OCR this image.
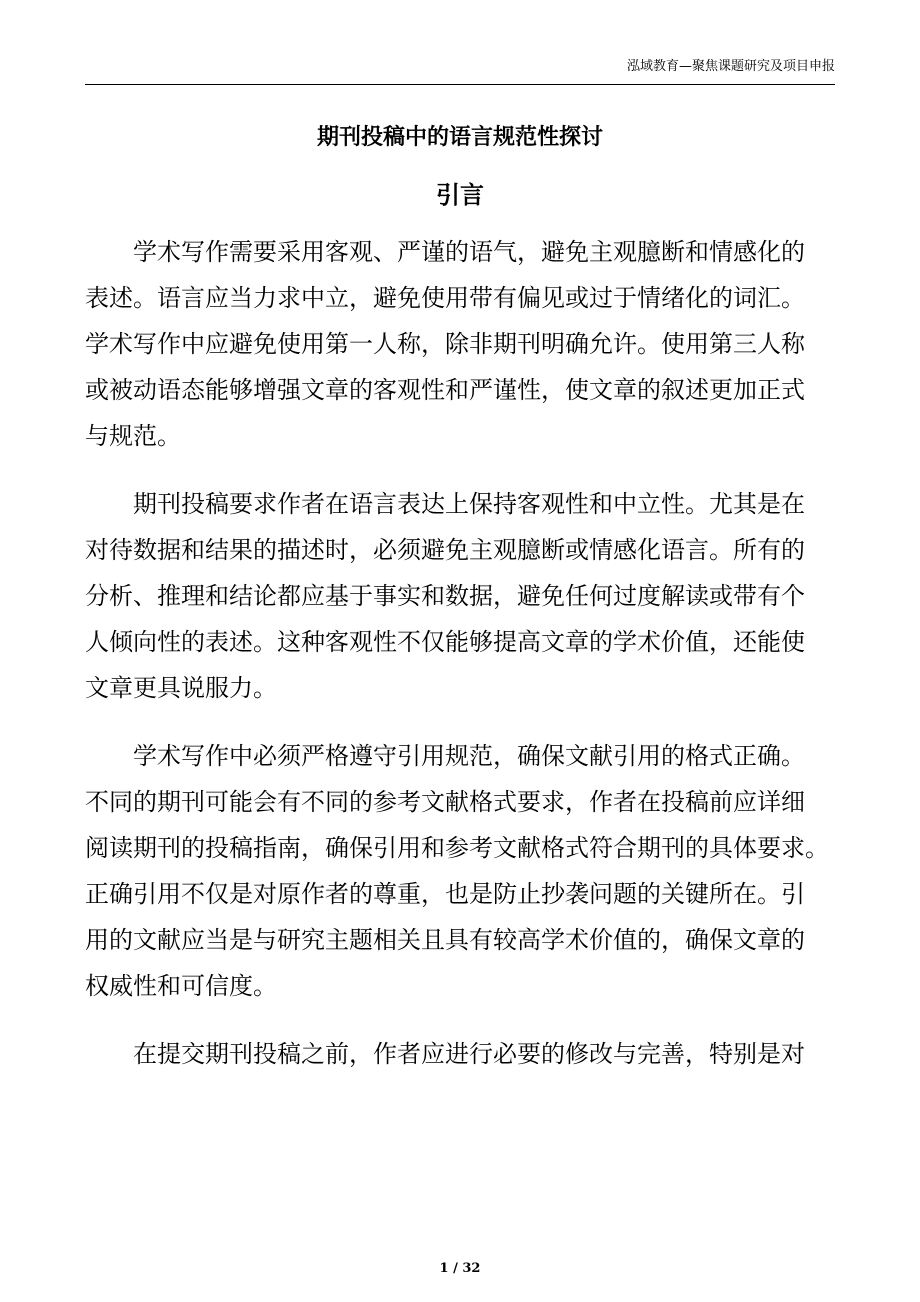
泓域教育—聚焦课题研究及项目申报
期刊投稿中的语言规范性探讨
引言
学术写作需要采用客观、严谨的语气，避免主观臆断和情感化的
表述。语言应当力求中立，避免使用带有偏见或过于情绪化的词汇。
学术写作中应避免使用第一人称，除非期刊明确允许。使用第三人称
或被动语态能够增强文章的客观性和严谨性，使文章的叙述更加正式
与规范。
期刊投稿要求作者在语言表达上保持客观性和中立性。尤其是在
对待数据和结果的描述时，必须避免主观臆断或情感化语言。所有的
分析、推理和结论都应基于事实和数据，避免任何过度解读或带有个
人倾向性的表述。这种客观性不仅能够提高文章的学术价值，还能使
文章更具说服力。
学术写作中必须严格遵守引用规范，确保文献引用的格式正确。
不同的期刊可能会有不同的参考文献格式要求，作者在投稿前应详细
阅读期刊的投稿指南，确保引用和参考文献格式符合期刊的具体要求。
正确引用不仅是对原作者的尊重，也是防止抄袭问题的关键所在。引
用的文献应当是与研究主题相关且具有较高学术价值的，确保文章的
权威性和可信度。
在提交期刊投稿之前，作者应进行必要的修改与完善，特别是对
1 / 32
